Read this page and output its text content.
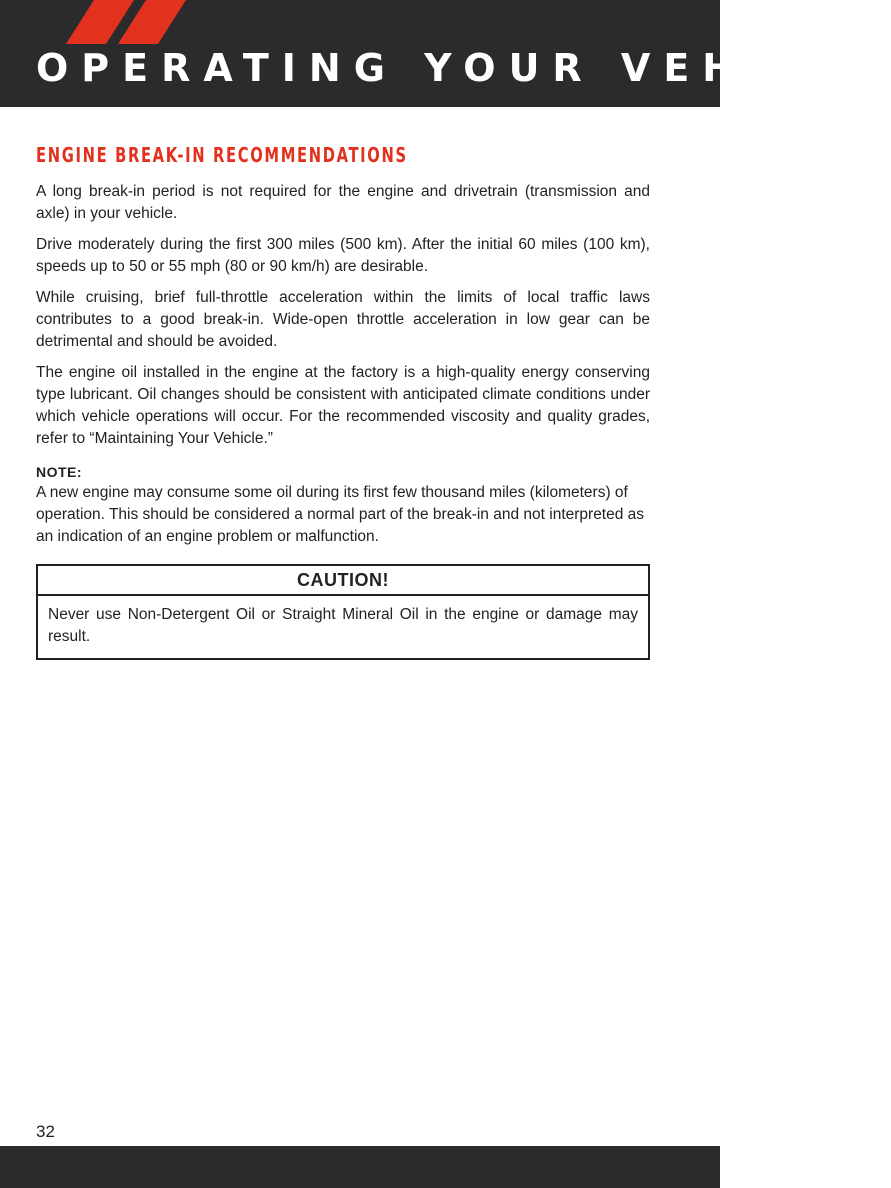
OPERATING YOUR VEHICLE
ENGINE BREAK-IN RECOMMENDATIONS

A long break-in period is not required for the engine and drivetrain (transmission and axle) in your vehicle.

Drive moderately during the first 300 miles (500 km). After the initial 60 miles (100 km), speeds up to 50 or 55 mph (80 or 90 km/h) are desirable.

While cruising, brief full-throttle acceleration within the limits of local traffic laws contributes to a good break-in. Wide-open throttle acceleration in low gear can be detrimental and should be avoided.

The engine oil installed in the engine at the factory is a high-quality energy conserving type lubricant. Oil changes should be consistent with anticipated climate conditions under which vehicle operations will occur. For the recommended viscosity and quality grades, refer to “Maintaining Your Vehicle.”

NOTE:

A new engine may consume some oil during its first few thousand miles (kilometers) of operation. This should be considered a normal part of the break-in and not interpreted as an indication of an engine problem or malfunction.

CAUTION!
Never use Non-Detergent Oil or Straight Mineral Oil in the engine or damage may result.
32
